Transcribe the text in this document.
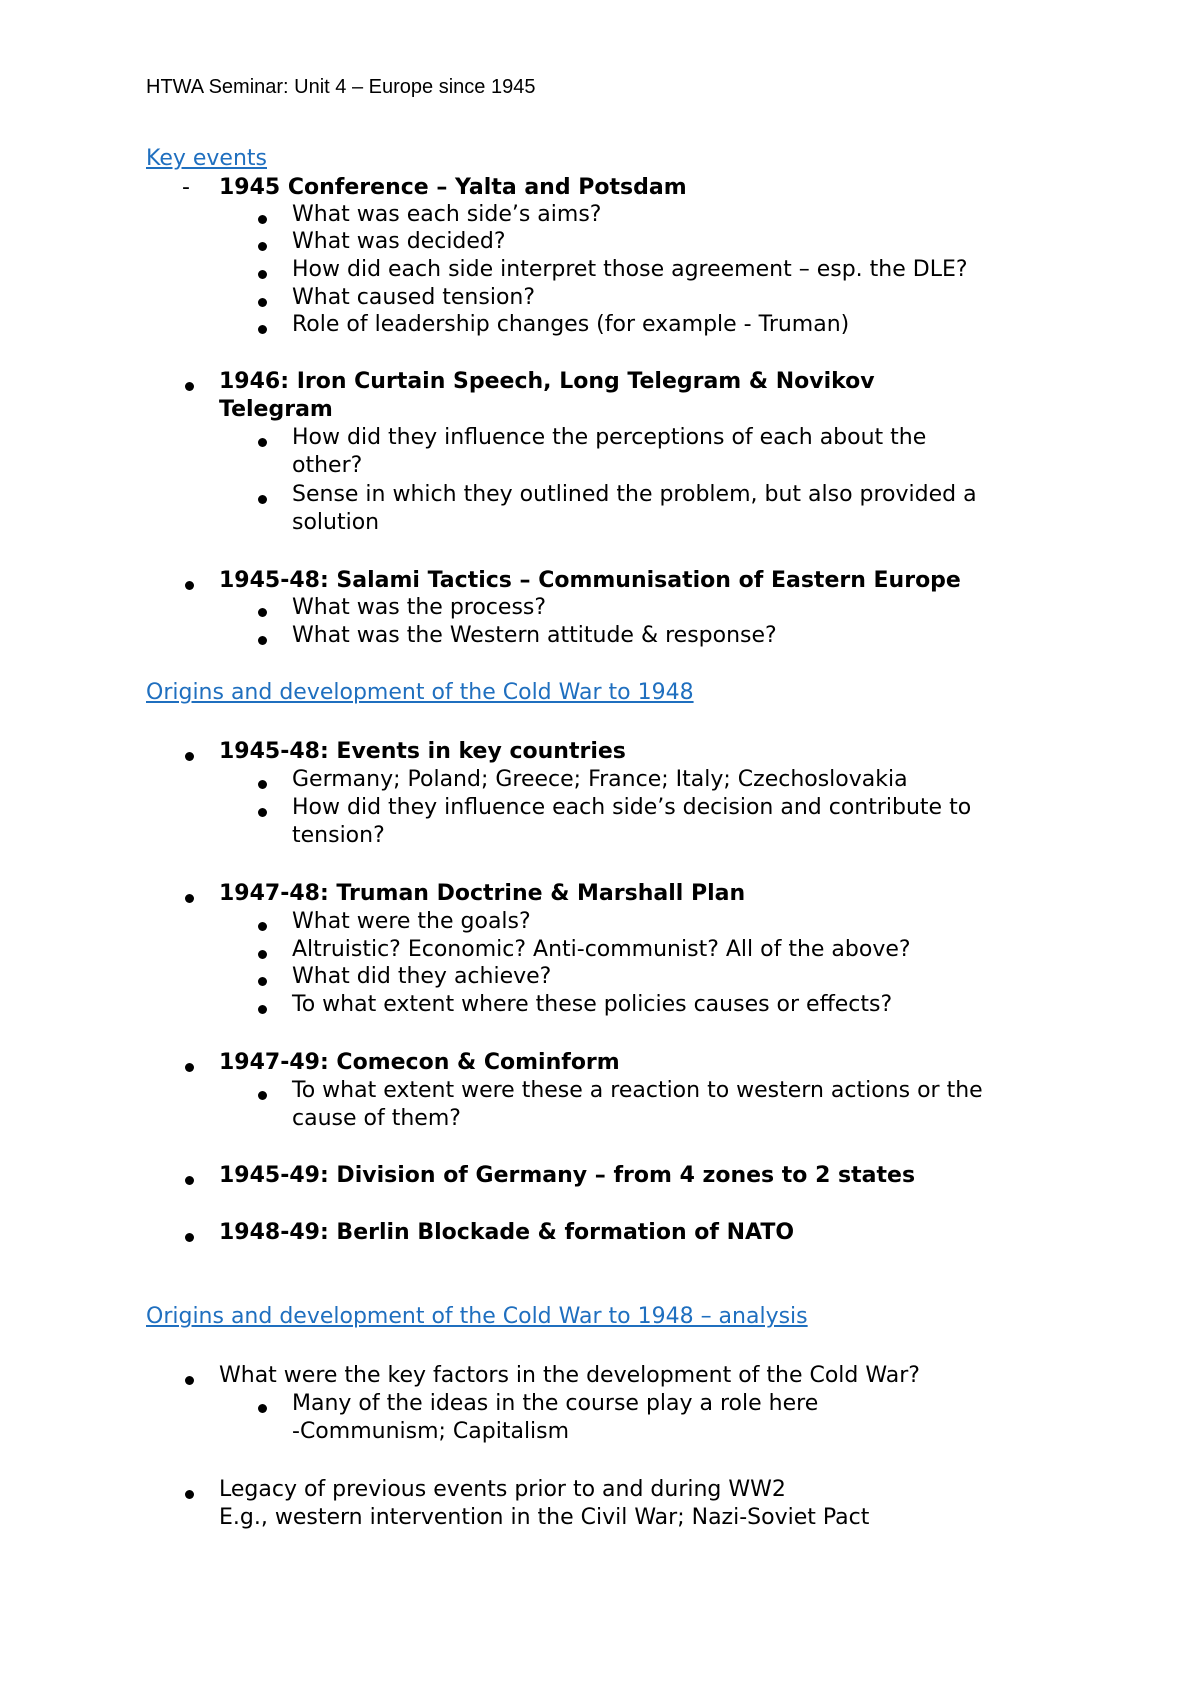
HTWA Seminar: Unit 4 – Europe since 1945
Key events
- 1945 Conference – Yalta and Potsdam
What was each side’s aims?
What was decided?
How did each side interpret those agreement – esp. the DLE?
What caused tension?
Role of leadership changes (for example - Truman)
1946: Iron Curtain Speech, Long Telegram & Novikov
Telegram
How did they influence the perceptions of each about the
other?
Sense in which they outlined the problem, but also provided a
solution
1945-48: Salami Tactics – Communisation of Eastern Europe
What was the process?
What was the Western attitude & response?
Origins and development of the Cold War to 1948
1945-48: Events in key countries
Germany; Poland; Greece; France; Italy; Czechoslovakia
How did they influence each side’s decision and contribute to
tension?
1947-48: Truman Doctrine & Marshall Plan
What were the goals?
Altruistic? Economic? Anti-communist? All of the above?
What did they achieve?
To what extent where these policies causes or effects?
1947-49: Comecon & Cominform
To what extent were these a reaction to western actions or the
cause of them?
1945-49: Division of Germany – from 4 zones to 2 states
1948-49: Berlin Blockade & formation of NATO
Origins and development of the Cold War to 1948 – analysis
What were the key factors in the development of the Cold War?
Many of the ideas in the course play a role here
-Communism; Capitalism
Legacy of previous events prior to and during WW2
E.g., western intervention in the Civil War; Nazi-Soviet Pact
